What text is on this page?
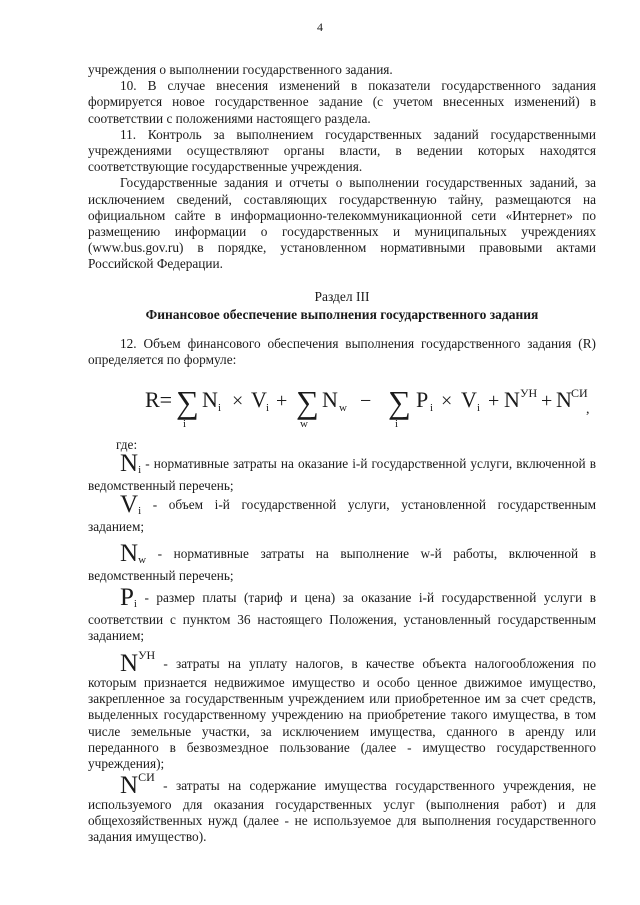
4

учреждения о выполнении государственного задания.

10. В случае внесения изменений в показатели государственного задания формируется новое государственное задание (с учетом внесенных изменений) в соответствии с положениями настоящего раздела.

11. Контроль за выполнением государственных заданий государственными учреждениями осуществляют органы власти, в ведении которых находятся соответствующие государственные учреждения.

Государственные задания и отчеты о выполнении государственных заданий, за исключением сведений, составляющих государственную тайну, размещаются на официальном сайте в информационно-телекоммуникационной сети «Интернет» по размещению информации о государственных и муниципальных учреждениях (www.bus.gov.ru) в порядке, установленном нормативными правовыми актами Российской Федерации.

Раздел III
Финансовое обеспечение выполнения государственного задания

12. Объем финансового обеспечения выполнения государственного задания (R) определяется по формуле:

R= ∑
i
N i × V i + ∑
w
N w − ∑
i
P i × V i + N УН + N СИ
,
где:

$N_i$ - нормативные затраты на оказание i-й государственной услуги, включенной в ведомственный перечень;

$V_i$ - объем i-й государственной услуги, установленной государственным заданием;

$N_w$ - нормативные затраты на выполнение w-й работы, включенной в ведомственный перечень;

$P_i$ - размер платы (тариф и цена) за оказание i-й государственной услуги в соответствии с пунктом 36 настоящего Положения, установленный государственным заданием;

NУН - затраты на уплату налогов, в качестве объекта налогообложения по которым признается недвижимое имущество и особо ценное движимое имущество, закрепленное за государственным учреждением или приобретенное им за счет средств, выделенных государственному учреждению на приобретение такого имущества, в том числе земельные участки, за исключением имущества, сданного в аренду или переданного в безвозмездное пользование (далее - имущество государственного учреждения);

NСИ - затраты на содержание имущества государственного учреждения, не используемого для оказания государственных услуг (выполнения работ) и для общехозяйственных нужд (далее - не используемое для выполнения государственного задания имущество).
